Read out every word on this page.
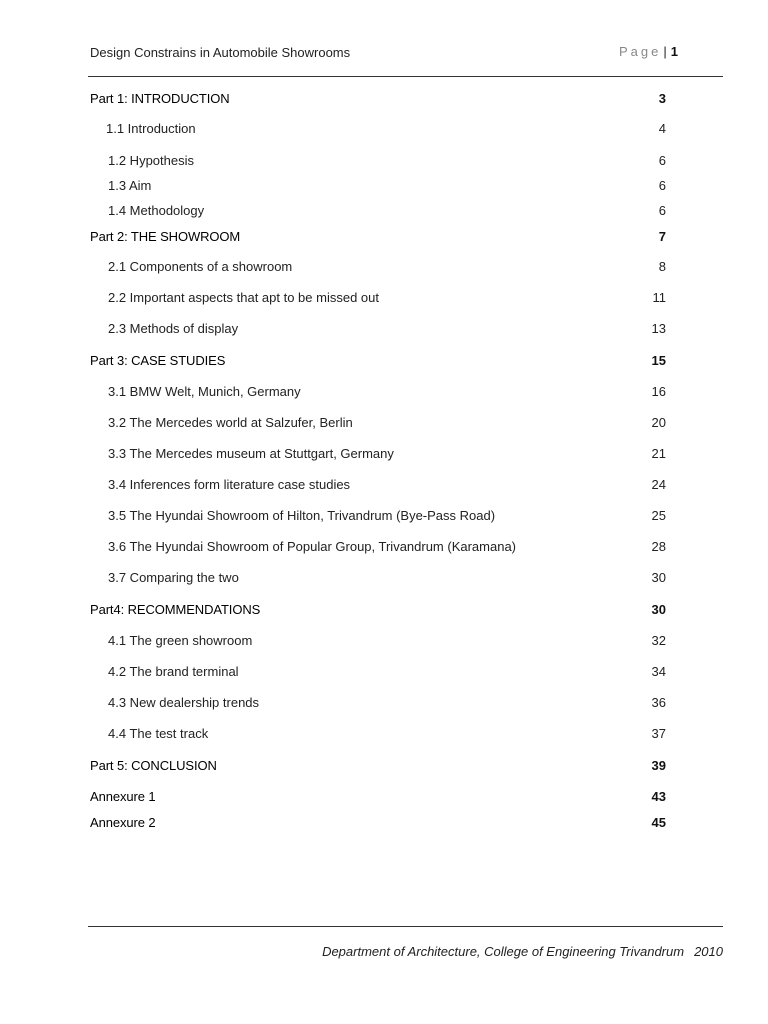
Design Constrains in Automobile Showrooms	Page | 1
Part 1: INTRODUCTION	3
1.1 Introduction	4
1.2 Hypothesis	6
1.3 Aim	6
1.4 Methodology	6
Part 2: THE SHOWROOM	7
2.1 Components of a showroom	8
2.2 Important aspects that apt to be missed out	11
2.3 Methods of display	13
Part 3: CASE STUDIES	15
3.1 BMW Welt, Munich, Germany	16
3.2 The Mercedes world at Salzufer, Berlin	20
3.3 The Mercedes museum at Stuttgart, Germany	21
3.4 Inferences form literature case studies	24
3.5 The Hyundai Showroom of Hilton, Trivandrum (Bye-Pass Road)	25
3.6 The Hyundai Showroom of Popular Group, Trivandrum (Karamana)	28
3.7 Comparing the two	30
Part4: RECOMMENDATIONS	30
4.1 The green showroom	32
4.2 The brand terminal	34
4.3 New dealership trends	36
4.4 The test track	37
Part 5: CONCLUSION	39
Annexure 1	43
Annexure 2	45
Department of Architecture, College of Engineering Trivandrum 2010
